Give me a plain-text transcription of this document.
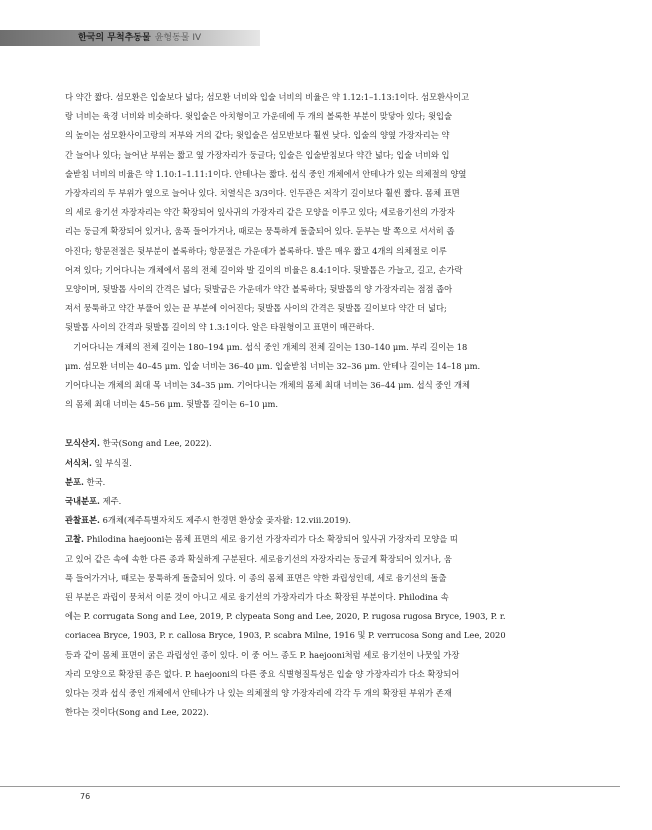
한국의 무척추동물 윤형동물 IV

다 약간 짧다. 섬모환은 입술보다 넓다; 섬모환 너비와 입술 너비의 비율은 약 1.12:1–1.13:1이다. 섬모환사이고

랑 너비는 육경 너비와 비슷하다. 윗입술은 아치형이고 가운데에 두 개의 볼록한 부분이 맞닿아 있다; 윗입술

의 높이는 섬모환사이고랑의 저부와 거의 같다; 윗입술은 섬모반보다 훨씬 낮다. 입술의 양옆 가장자리는 약

간 늘어나 있다; 늘어난 부위는 짧고 옆 가장자리가 둥글다; 입술은 입술받침보다 약간 넓다; 입술 너비와 입

술받침 너비의 비율은 약 1.10:1–1.11:1이다. 안테나는 짧다. 섭식 중인 개체에서 안테나가 있는 의체절의 양옆

가장자리의 두 부위가 옆으로 늘어나 있다. 치열식은 3/3이다. 인두관은 저작기 길이보다 훨씬 짧다. 몸체 표면

의 세로 융기선 자장자리는 약간 확장되어 잎사귀의 가장자리 같은 모양을 이루고 있다; 세로융기선의 가장자

리는 둥글게 확장되어 있거나, 움푹 들어가거나, 때로는 뭉툭하게 돌출되어 있다. 둔부는 발 쪽으로 서서히 좁

아진다; 항문전절은 뒷부분이 볼록하다; 항문절은 가운데가 볼록하다. 발은 매우 짧고 4개의 의체절로 이루

어져 있다; 기어다니는 개체에서 몸의 전체 길이와 발 길이의 비율은 8.4:1이다. 뒷발톱은 가늘고, 길고, 손가락

모양이며, 뒷발톱 사이의 간격은 넓다; 뒷발굽은 가운데가 약간 볼록하다; 뒷발톱의 양 가장자리는 점점 좁아

져서 뭉툭하고 약간 부풀어 있는 끝 부분에 이어진다; 뒷발톱 사이의 간격은 뒷발톱 길이보다 약간 더 넓다;

뒷발톱 사이의 간격과 뒷발톱 길이의 약 1.3:1이다. 알은 타원형이고 표면이 매끈하다.

　기어다니는 개체의 전체 길이는 180–194 μm. 섭식 중인 개체의 전체 길이는 130–140 μm. 부리 길이는 18

μm. 섬모환 너비는 40–45 μm. 입술 너비는 36–40 μm. 입술받침 너비는 32–36 μm. 안테나 길이는 14–18 μm.

기어다니는 개체의 최대 목 너비는 34–35 μm. 기어다니는 개체의 몸체 최대 너비는 36–44 μm. 섭식 중인 개체

의 몸체 최대 너비는 45–56 μm. 뒷발톱 길이는 6–10 μm.

모식산지. 한국(Song and Lee, 2022).

서식처. 잎 부식질.

분포. 한국.

국내분포. 제주.

관찰표본. 6개체(제주특별자치도 제주시 한경면 환상숲 곶자왈: 12.viii.2019).

고찰. Philodina haejooni는 몸체 표면의 세로 융기선 가장자리가 다소 확장되어 잎사귀 가장자리 모양을 띠

고 있어 같은 속에 속한 다른 종과 확실하게 구분된다. 세로융기선의 자장자리는 둥글게 확장되어 있거나, 움

푹 들어가거나, 때로는 뭉툭하게 돌출되어 있다. 이 종의 몸체 표면은 약한 과립성인데, 세로 융기선의 돌출

된 부분은 과립이 뭉쳐서 이룬 것이 아니고 세로 융기선의 가장자리가 다소 확장된 부분이다. Philodina 속

에는 P. corrugata Song and Lee, 2019, P. clypeata Song and Lee, 2020, P. rugosa rugosa Bryce, 1903, P. r.

coriacea Bryce, 1903, P. r. callosa Bryce, 1903, P. scabra Milne, 1916 및 P. verrucosa Song and Lee, 2020

등과 같이 몸체 표면이 굵은 과립성인 종이 있다. 이 중 어느 종도 P. haejooni처럼 세로 융기선이 나뭇잎 가장

자리 모양으로 확장된 종은 없다. P. haejooni의 다른 중요 식별형질특성은 입술 양 가장자리가 다소 확장되어

있다는 것과 섭식 중인 개체에서 안테나가 나 있는 의체절의 양 가장자리에 각각 두 개의 확장된 부위가 존재

한다는 것이다(Song and Lee, 2022).

76
